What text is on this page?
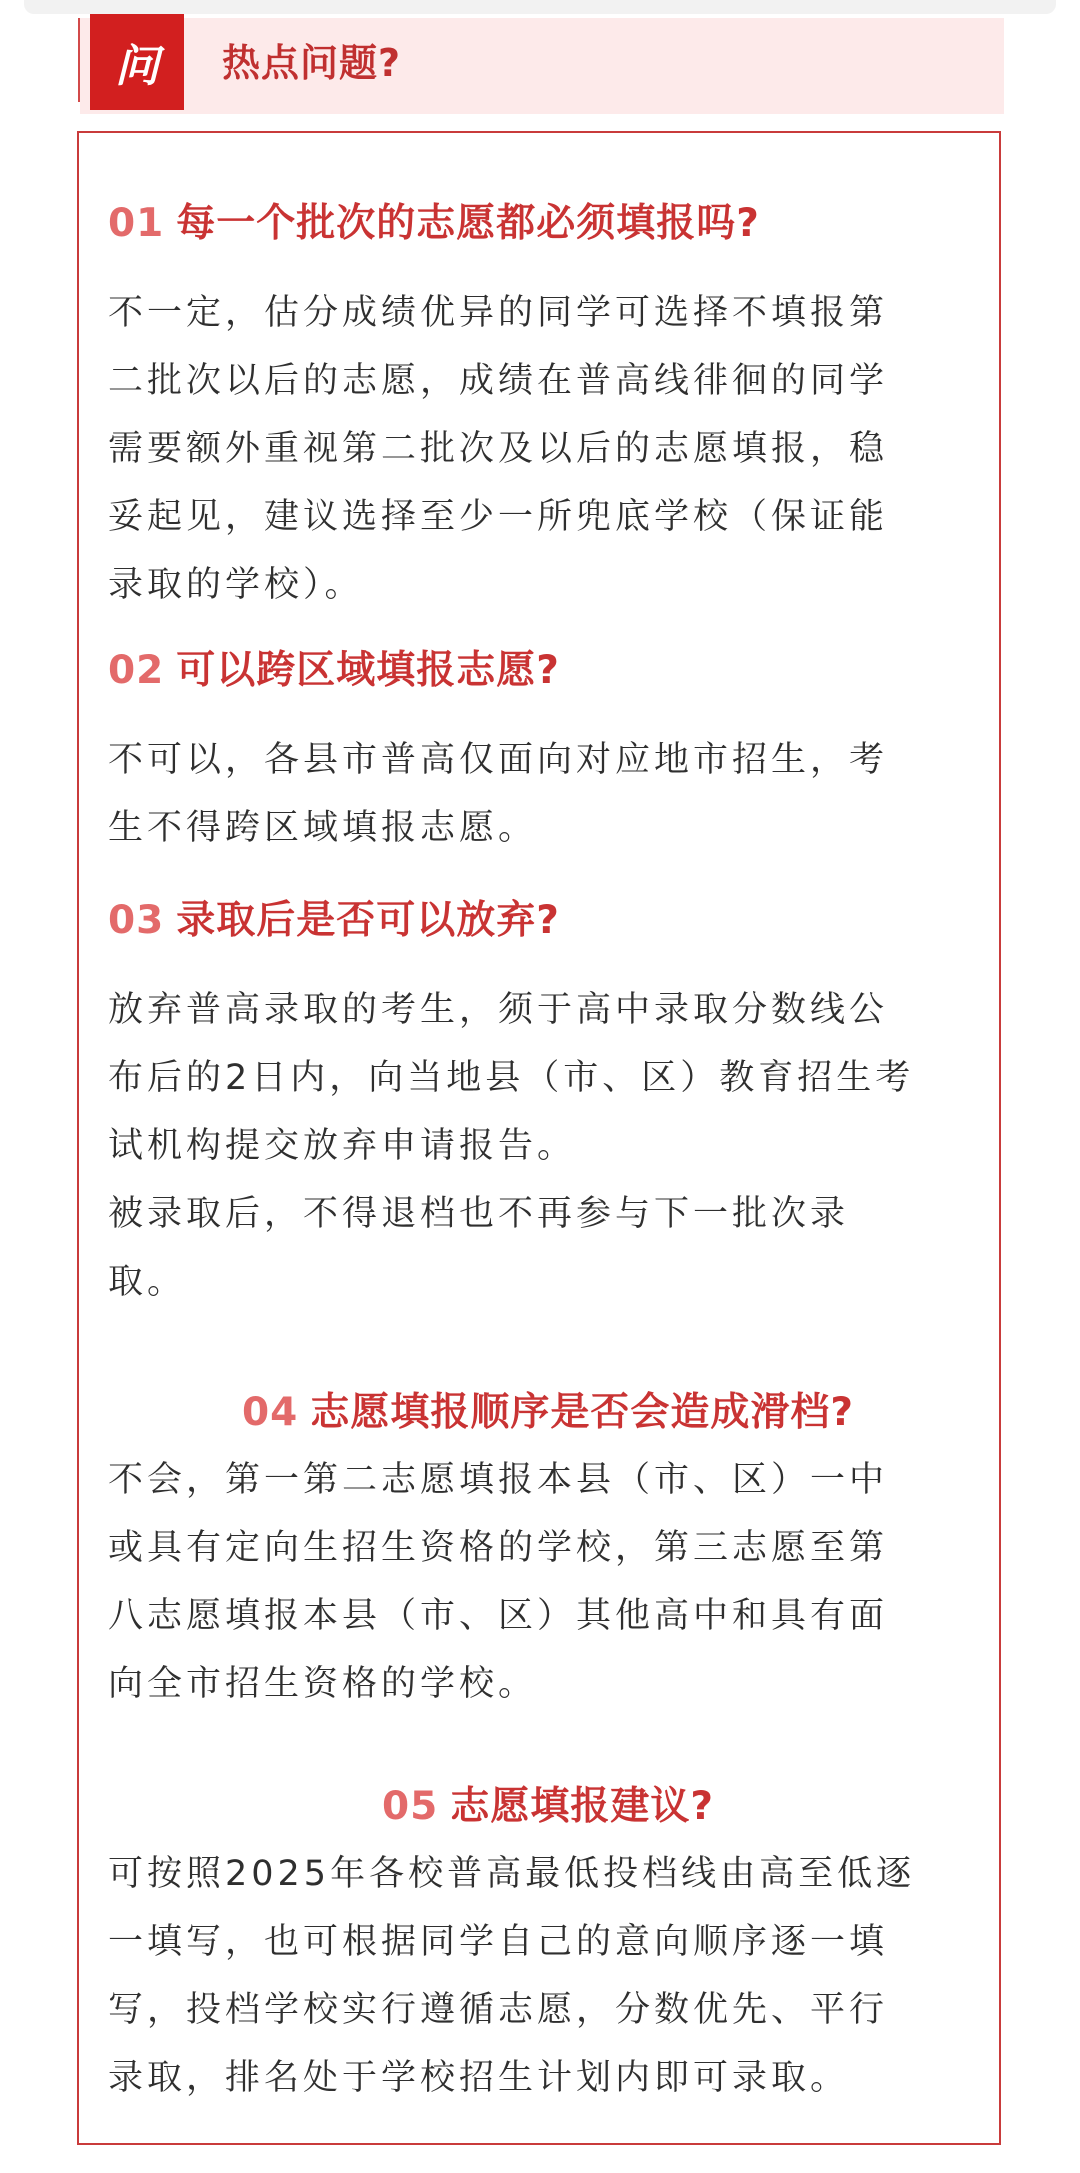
问 热点问题?
01 每一个批次的志愿都必须填报吗?
不一定，估分成绩优异的同学可选择不填报第
二批次以后的志愿，成绩在普高线徘徊的同学
需要额外重视第二批次及以后的志愿填报，稳
妥起见，建议选择至少一所兜底学校（保证能
录取的学校）。
02 可以跨区域填报志愿?
不可以，各县市普高仅面向对应地市招生，考
生不得跨区域填报志愿。
03 录取后是否可以放弃?
放弃普高录取的考生，须于高中录取分数线公
布后的2日内，向当地县（市、区）教育招生考
试机构提交放弃申请报告。
被录取后，不得退档也不再参与下一批次录
取。
04 志愿填报顺序是否会造成滑档?
不会，第一第二志愿填报本县（市、区）一中
或具有定向生招生资格的学校，第三志愿至第
八志愿填报本县（市、区）其他高中和具有面
向全市招生资格的学校。
05 志愿填报建议?
可按照2025年各校普高最低投档线由高至低逐
一填写，也可根据同学自己的意向顺序逐一填
写，投档学校实行遵循志愿，分数优先、平行
录取，排名处于学校招生计划内即可录取。
